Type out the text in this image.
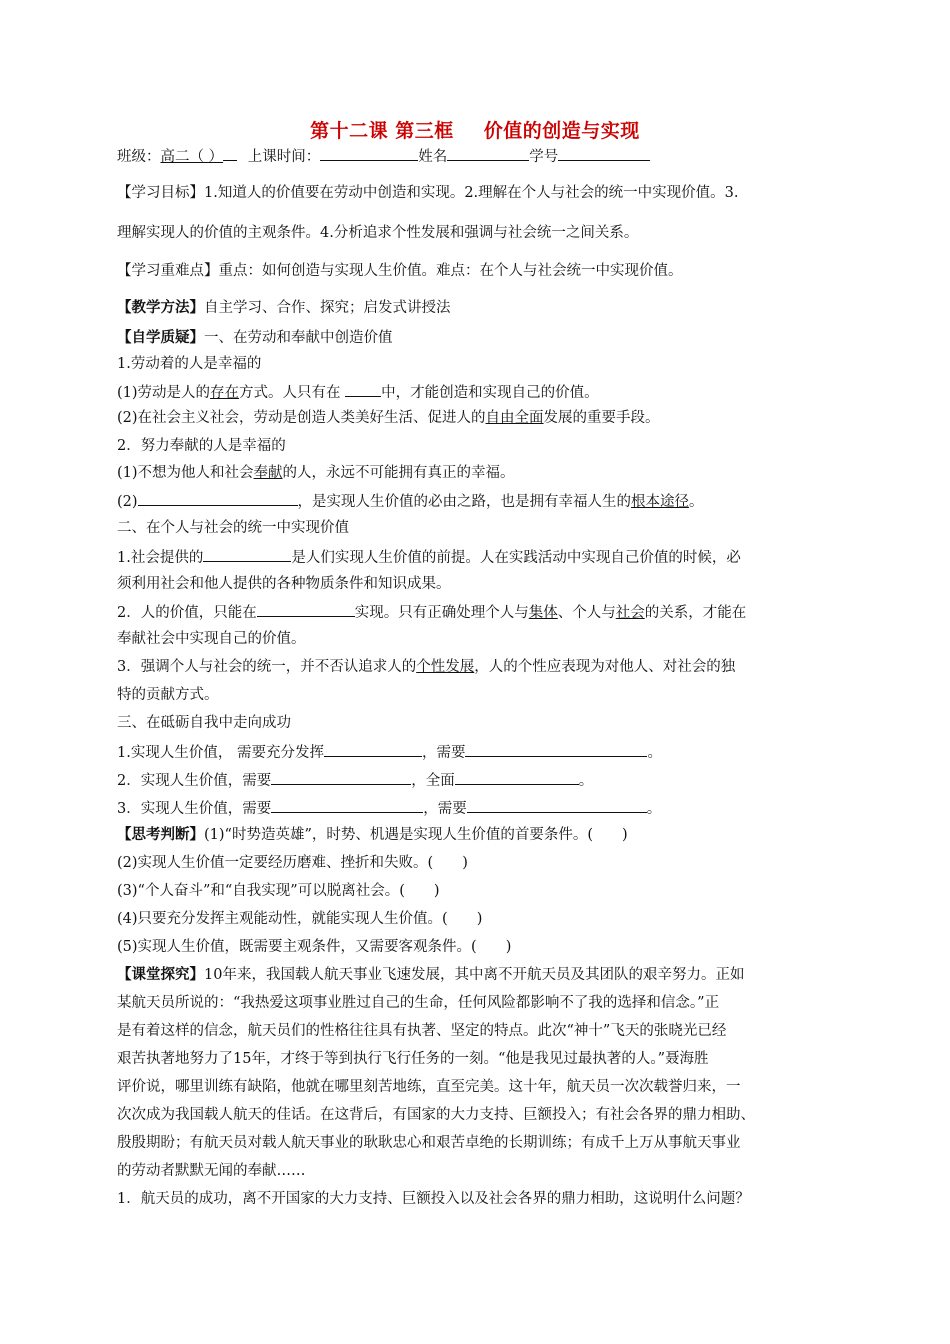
第十二课 第三框 价值的创造与实现
班级：高二（ ） 上课时间：	姓名	学号
【学习目标】1.知道人的价值要在劳动中创造和实现。2.理解在个人与社会的统一中实现价值。3.
理解实现人的价值的主观条件。4.分析追求个性发展和强调与社会统一之间关系。
【学习重难点】重点：如何创造与实现人生价值。难点：在个人与社会统一中实现价值。
【教学方法】自主学习、合作、探究；启发式讲授法
【自学质疑】一、在劳动和奉献中创造价值
1.劳动着的人是幸福的
(1)劳动是人的存在方式。人只有在 中，才能创造和实现自己的价值。
(2)在社会主义社会，劳动是创造人类美好生活、促进人的自由全面发展的重要手段。
2．努力奉献的人是幸福的
(1)不想为他人和社会奉献的人，永远不可能拥有真正的幸福。
(2)	，是实现人生价值的必由之路，也是拥有幸福人生的根本途径。
二、在个人与社会的统一中实现价值
1.社会提供的	是人们实现人生价值的前提。人在实践活动中实现自己价值的时候，必
须利用社会和他人提供的各种物质条件和知识成果。
2．人的价值，只能在	实现。只有正确处理个人与集体、个人与社会的关系，才能在
奉献社会中实现自己的价值。
3．强调个人与社会的统一，并不否认追求人的个性发展，人的个性应表现为对他人、对社会的独
特的贡献方式。
三、在砥砺自我中走向成功
1.实现人生价值， 需要充分发挥	，需要	。
2．实现人生价值，需要	，全面	。
3．实现人生价值，需要	，需要	。
【思考判断】(1)“时势造英雄”，时势、机遇是实现人生价值的首要条件。(　　)
(2)实现人生价值一定要经历磨难、挫折和失败。(　　)
(3)“个人奋斗”和“自我实现”可以脱离社会。(　　)
(4)只要充分发挥主观能动性，就能实现人生价值。(　　)
(5)实现人生价值，既需要主观条件，又需要客观条件。(　　)
【课堂探究】10年来，我国载人航天事业飞速发展，其中离不开航天员及其团队的艰辛努力。正如
某航天员所说的：“我热爱这项事业胜过自己的生命，任何风险都影响不了我的选择和信念。”正
是有着这样的信念，航天员们的性格往往具有执著、坚定的特点。此次“神十”飞天的张晓光已经
艰苦执著地努力了15年，才终于等到执行飞行任务的一刻。“他是我见过最执著的人。”聂海胜
评价说，哪里训练有缺陷，他就在哪里刻苦地练，直至完美。这十年，航天员一次次载誉归来，一
次次成为我国载人航天的佳话。在这背后，有国家的大力支持、巨额投入；有社会各界的鼎力相助、
殷殷期盼；有航天员对载人航天事业的耿耿忠心和艰苦卓绝的长期训练；有成千上万从事航天事业
的劳动者默默无闻的奉献……
1．航天员的成功，离不开国家的大力支持、巨额投入以及社会各界的鼎力相助，这说明什么问题？
